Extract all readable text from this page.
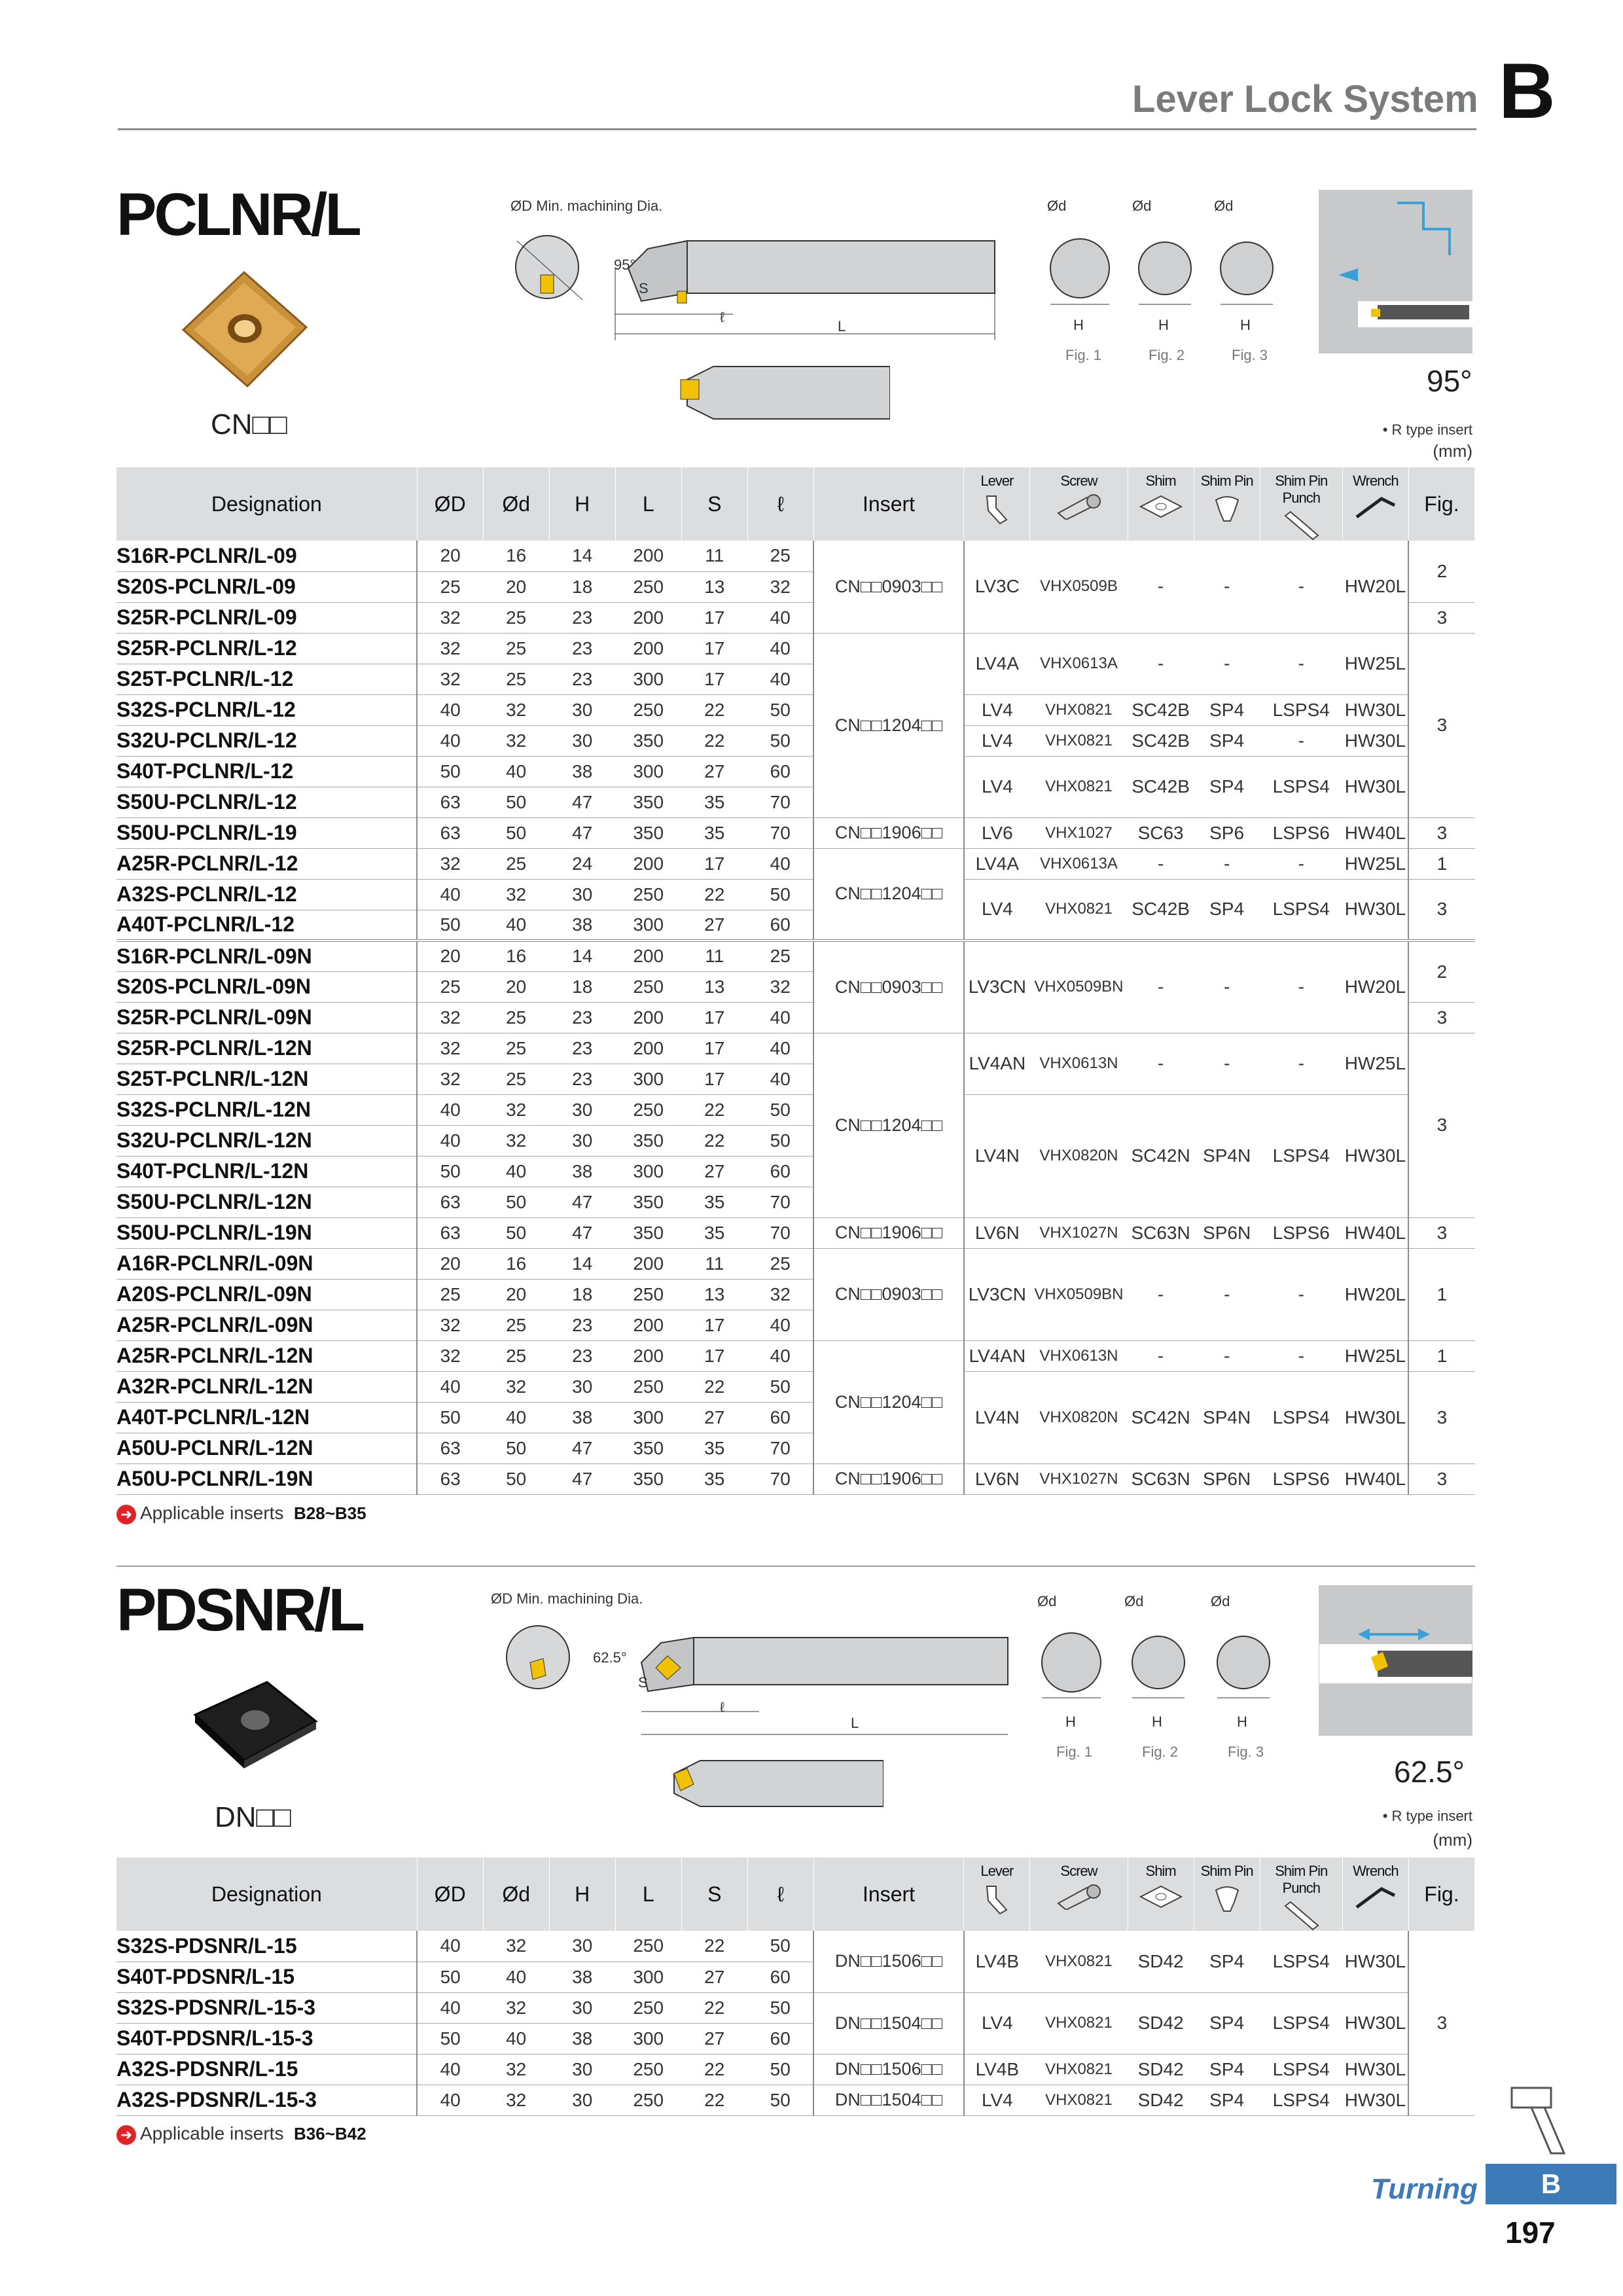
Lever Lock System B
PCLNR/L
CN□□
ØD Min. machining Dia.
95°
S
ℓ
L
Ød	Ød	Ød
H	H	H
Fig. 1	Fig. 2	Fig. 3
95°
• R type insert
(mm)
Designation	ØD	Ød	H	L	S	ℓ	Insert	Lever	Screw	Shim	Shim Pin	Shim Pin Punch	Wrench	Fig.
S16R-PCLNR/L-09	20	16	14	200	11	25	CN□□0903□□	LV3C	VHX0509B	-	-	-	HW20L	2
S20S-PCLNR/L-09	25	20	18	250	13	32								
S25R-PCLNR/L-09	32	25	23	200	17	40								3
S25R-PCLNR/L-12	32	25	23	200	17	40	CN□□1204□□	LV4A	VHX0613A	-	-	-	HW25L	3
S25T-PCLNR/L-12	32	25	23	300	17	40								
S32S-PCLNR/L-12	40	32	30	250	22	50		LV4	VHX0821	SC42B	SP4	LSPS4	HW30L	
S32U-PCLNR/L-12	40	32	30	350	22	50		LV4	VHX0821	SC42B	SP4	-	HW30L	
S40T-PCLNR/L-12	50	40	38	300	27	60		LV4	VHX0821	SC42B	SP4	LSPS4	HW30L	
S50U-PCLNR/L-12	63	50	47	350	35	70								
S50U-PCLNR/L-19	63	50	47	350	35	70	CN□□1906□□	LV6	VHX1027	SC63	SP6	LSPS6	HW40L	3
A25R-PCLNR/L-12	32	25	24	200	17	40	CN□□1204□□	LV4A	VHX0613A	-	-	-	HW25L	1
A32S-PCLNR/L-12	40	32	30	250	22	50		LV4	VHX0821	SC42B	SP4	LSPS4	HW30L	3
A40T-PCLNR/L-12	50	40	38	300	27	60								
S16R-PCLNR/L-09N	20	16	14	200	11	25	CN□□0903□□	LV3CN	VHX0509BN	-	-	-	HW20L	2
S20S-PCLNR/L-09N	25	20	18	250	13	32								
S25R-PCLNR/L-09N	32	25	23	200	17	40								3
S25R-PCLNR/L-12N	32	25	23	200	17	40	CN□□1204□□	LV4AN	VHX0613N	-	-	-	HW25L	3
S25T-PCLNR/L-12N	32	25	23	300	17	40								
S32S-PCLNR/L-12N	40	32	30	250	22	50		LV4N	VHX0820N	SC42N	SP4N	LSPS4	HW30L	
S32U-PCLNR/L-12N	40	32	30	350	22	50								
S40T-PCLNR/L-12N	50	40	38	300	27	60								
S50U-PCLNR/L-12N	63	50	47	350	35	70								
S50U-PCLNR/L-19N	63	50	47	350	35	70	CN□□1906□□	LV6N	VHX1027N	SC63N	SP6N	LSPS6	HW40L	3
A16R-PCLNR/L-09N	20	16	14	200	11	25	CN□□0903□□	LV3CN	VHX0509BN	-	-	-	HW20L	1
A20S-PCLNR/L-09N	25	20	18	250	13	32								
A25R-PCLNR/L-09N	32	25	23	200	17	40								
A25R-PCLNR/L-12N	32	25	23	200	17	40	CN□□1204□□	LV4AN	VHX0613N	-	-	-	HW25L	1
A32R-PCLNR/L-12N	40	32	30	250	22	50		LV4N	VHX0820N	SC42N	SP4N	LSPS4	HW30L	3
A40T-PCLNR/L-12N	50	40	38	300	27	60								
A50U-PCLNR/L-12N	63	50	47	350	35	70								
A50U-PCLNR/L-19N	63	50	47	350	35	70	CN□□1906□□	LV6N	VHX1027N	SC63N	SP6N	LSPS6	HW40L	3
➜ Applicable inserts B28~B35
PDSNR/L
DN□□
ØD Min. machining Dia.
62.5°
S
ℓ
L
Ød	Ød	Ød
H	H	H
Fig. 1	Fig. 2	Fig. 3
62.5°
• R type insert
(mm)
Designation	ØD	Ød	H	L	S	ℓ	Insert	Lever	Screw	Shim	Shim Pin	Shim Pin Punch	Wrench	Fig.
S32S-PDSNR/L-15	40	32	30	250	22	50	DN□□1506□□	LV4B	VHX0821	SD42	SP4	LSPS4	HW30L	3
S40T-PDSNR/L-15	50	40	38	300	27	60								
S32S-PDSNR/L-15-3	40	32	30	250	22	50	DN□□1504□□	LV4	VHX0821	SD42	SP4	LSPS4	HW30L	
S40T-PDSNR/L-15-3	50	40	38	300	27	60								
A32S-PDSNR/L-15	40	32	30	250	22	50	DN□□1506□□	LV4B	VHX0821	SD42	SP4	LSPS4	HW30L	
A32S-PDSNR/L-15-3	40	32	30	250	22	50	DN□□1504□□	LV4	VHX0821	SD42	SP4	LSPS4	HW30L	
➜ Applicable inserts B36~B42
Turning	B
197
